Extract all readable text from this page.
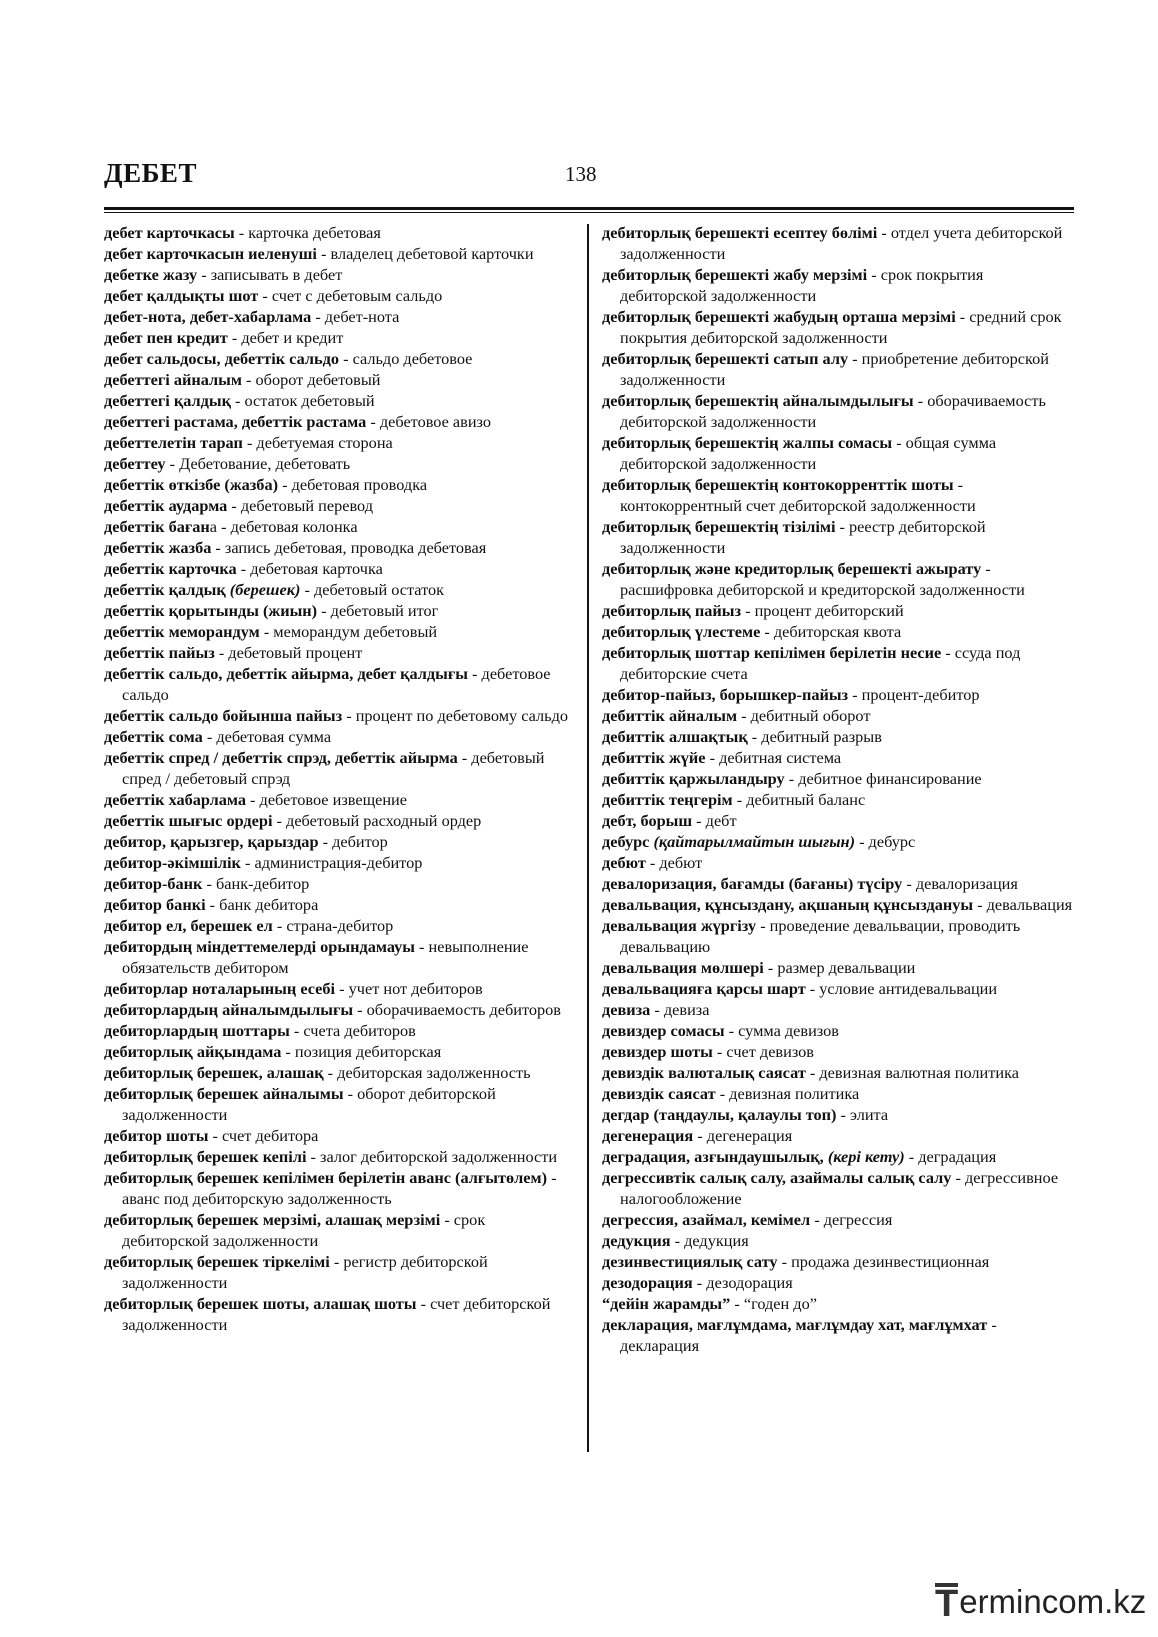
ДЕБЕТ	138
дебет карточкасы - карточка дебетовая
дебет карточкасын иеленуші - владелец дебетовой карточки
дебетке жазу - записывать в дебет
дебет қалдықты шот - счет с дебетовым сальдо
дебет-нота, дебет-хабарлама - дебет-нота
дебет пен кредит - дебет и кредит
дебет сальдосы, дебеттік сальдо - сальдо дебетовое
дебеттегі айналым - оборот дебетовый
дебеттегі қалдық - остаток дебетовый
дебеттегі растама, дебеттік растама - дебетовое авизо
дебеттелетін тарап - дебетуемая сторона
дебеттеу - Дебетование, дебетовать
дебеттік өткізбе (жазба) - дебетовая проводка
дебеттік аударма - дебетовый перевод
дебеттік бағана - дебетовая колонка
дебеттік жазба - запись дебетовая, проводка дебетовая
дебеттік карточка - дебетовая карточка
дебеттік қалдық (берешек) - дебетовый остаток
дебеттік қорытынды (жиын) - дебетовый итог
дебеттік меморандум - меморандум дебетовый
дебеттік пайыз - дебетовый процент
дебеттік сальдо, дебеттік айырма, дебет қалдығы - дебетовое сальдо
дебеттік сальдо бойынша пайыз - процент по дебетовому сальдо
дебеттік сома - дебетовая сумма
дебеттік спред / дебеттік спрэд, дебеттік айырма - дебетовый спред / дебетовый спрэд
дебеттік хабарлама - дебетовое извещение
дебеттік шығыс ордері - дебетовый расходный ордер
дебитор, қарызгер, қарыздар - дебитор
дебитор-әкімшілік - администрация-дебитор
дебитор-банк - банк-дебитор
дебитор банкі - банк дебитора
дебитор ел, берешек ел - страна-дебитор
дебитордың міндеттемелерді орындамауы - невыполнение обязательств дебитором
дебиторлар ноталарының есебі - учет нот дебиторов
дебиторлардың айналымдылығы - оборачиваемость дебиторов
дебиторлардың шоттары - счета дебиторов
дебиторлық айқындама - позиция дебиторская
дебиторлық берешек, алашақ - дебиторская задолженность
дебиторлық берешек айналымы - оборот дебиторской задолженности
дебитор шоты - счет дебитора
дебиторлық берешек кепілі - залог дебиторской задолженности
дебиторлық берешек кепілімен берілетін аванс (алғытөлем) - аванс под дебиторскую задолженность
дебиторлық берешек мерзімі, алашақ мерзімі - срок дебиторской задолженности
дебиторлық берешек тіркелімі - регистр дебиторской задолженности
дебиторлық берешек шоты, алашақ шоты - счет дебиторской задолженности
дебиторлық берешекті есептеу бөлімі - отдел учета дебиторской задолженности
дебиторлық берешекті жабу мерзімі - срок покрытия дебиторской задолженности
дебиторлық берешекті жабудың орташа мерзімі - средний срок покрытия дебиторской задолженности
дебиторлық берешекті сатып алу - приобретение дебиторской задолженности
дебиторлық берешектің айналымдылығы - оборачиваемость дебиторской задолженности
дебиторлық берешектің жалпы сомасы - общая сумма дебиторской задолженности
дебиторлық берешектің контокорренттік шоты - контокоррентный счет дебиторской задолженности
дебиторлық берешектің тізілімі - реестр дебиторской задолженности
дебиторлық және кредиторлық берешекті ажырату - расшифровка дебиторской и кредиторской задолженности
дебиторлық пайыз - процент дебиторский
дебиторлық үлестеме - дебиторская квота
дебиторлық шоттар кепілімен берілетін несие - ссуда под дебиторские счета
дебитор-пайыз, борышкер-пайыз - процент-дебитор
дебиттік айналым - дебитный оборот
дебиттік алшақтық - дебитный разрыв
дебиттік жүйе - дебитная система
дебиттік қаржыландыру - дебитное финансирование
дебиттік теңгерім - дебитный баланс
дебт, борыш - дебт
дебурс (қайтарылмайтын шығын) - дебурс
дебют - дебют
девалоризация, бағамды (бағаны) түсіру - девалоризация
девальвация, құнсыздану, ақшаның құнсыздануы - девальвация
девальвация жүргізу - проведение девальвации, проводить девальвацию
девальвация мөлшері - размер девальвации
девальвацияға қарсы шарт - условие антидевальвации
девиза - девиза
девиздер сомасы - сумма девизов
девиздер шоты - счет девизов
девиздік валюталық саясат - девизная валютная политика
девиздік саясат - девизная политика
дегдар (таңдаулы, қалаулы топ) - элита
дегенерация - дегенерация
деградация, азғындаушылық, (кері кету) - деградация
дегрессивтік салық салу, азаймалы салық салу - дегрессивное налогообложение
дегрессия, азаймал, кемімел - дегрессия
дедукция - дедукция
дезинвестициялық сату - продажа дезинвестиционная
дезодорация - дезодорация
“дейін жарамды” - “годен до”
декларация, мағлұмдама, мағлұмдау хат, мағлұмхат - декларация
T ermincom.kz
